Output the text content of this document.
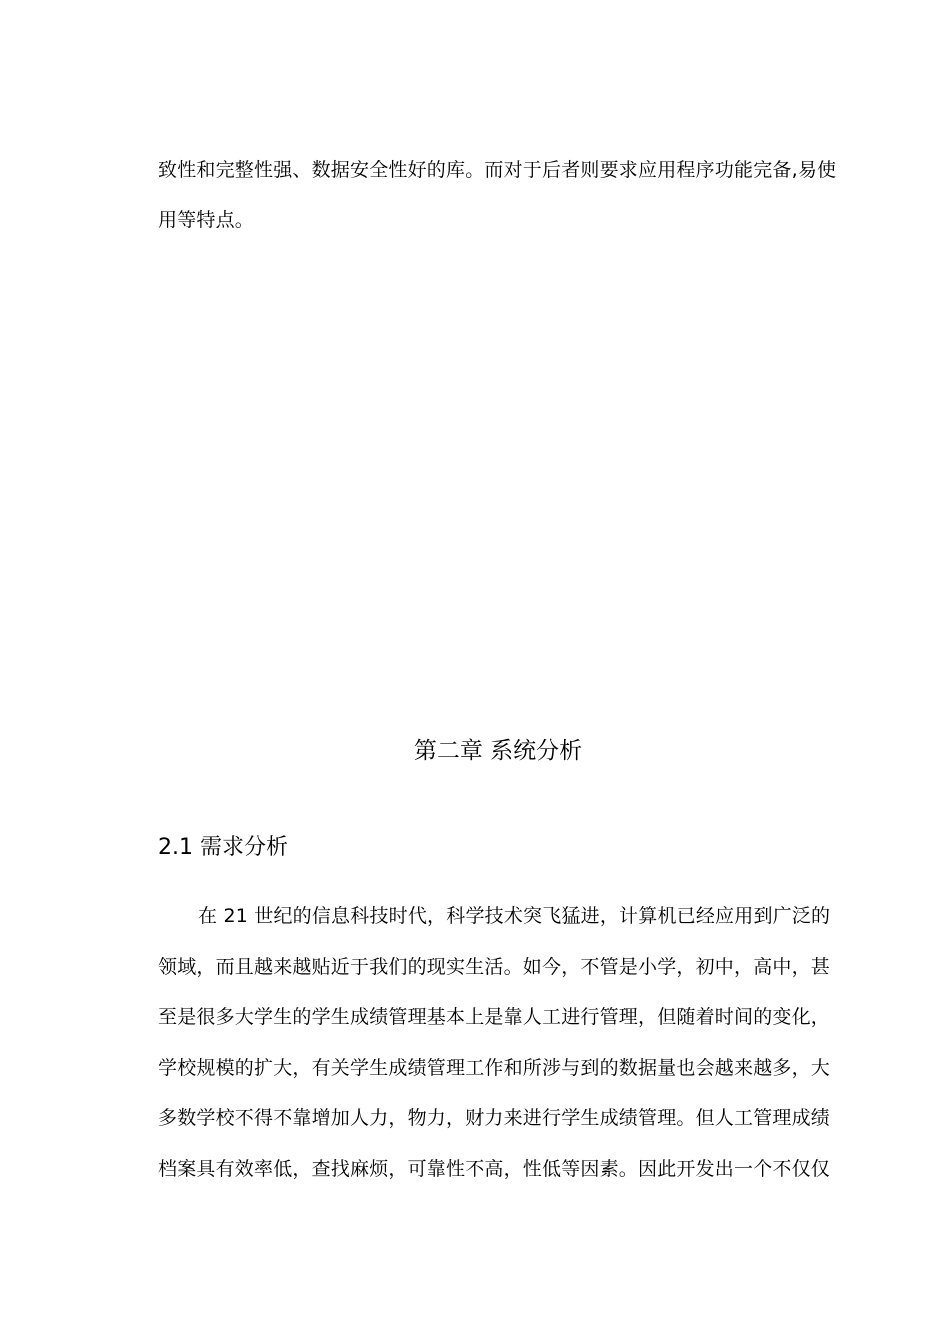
致性和完整性强、数据安全性好的库。而对于后者则要求应用程序功能完备,易使
用等特点。
第二章 系统分析
2.1 需求分析
在 21 世纪的信息科技时代，科学技术突飞猛进，计算机已经应用到广泛的
领域，而且越来越贴近于我们的现实生活。如今，不管是小学，初中，高中，甚
至是很多大学生的学生成绩管理基本上是靠人工进行管理，但随着时间的变化，
学校规模的扩大，有关学生成绩管理工作和所涉与到的数据量也会越来越多，大
多数学校不得不靠增加人力，物力，财力来进行学生成绩管理。但人工管理成绩
档案具有效率低，查找麻烦，可靠性不高，性低等因素。因此开发出一个不仅仅
